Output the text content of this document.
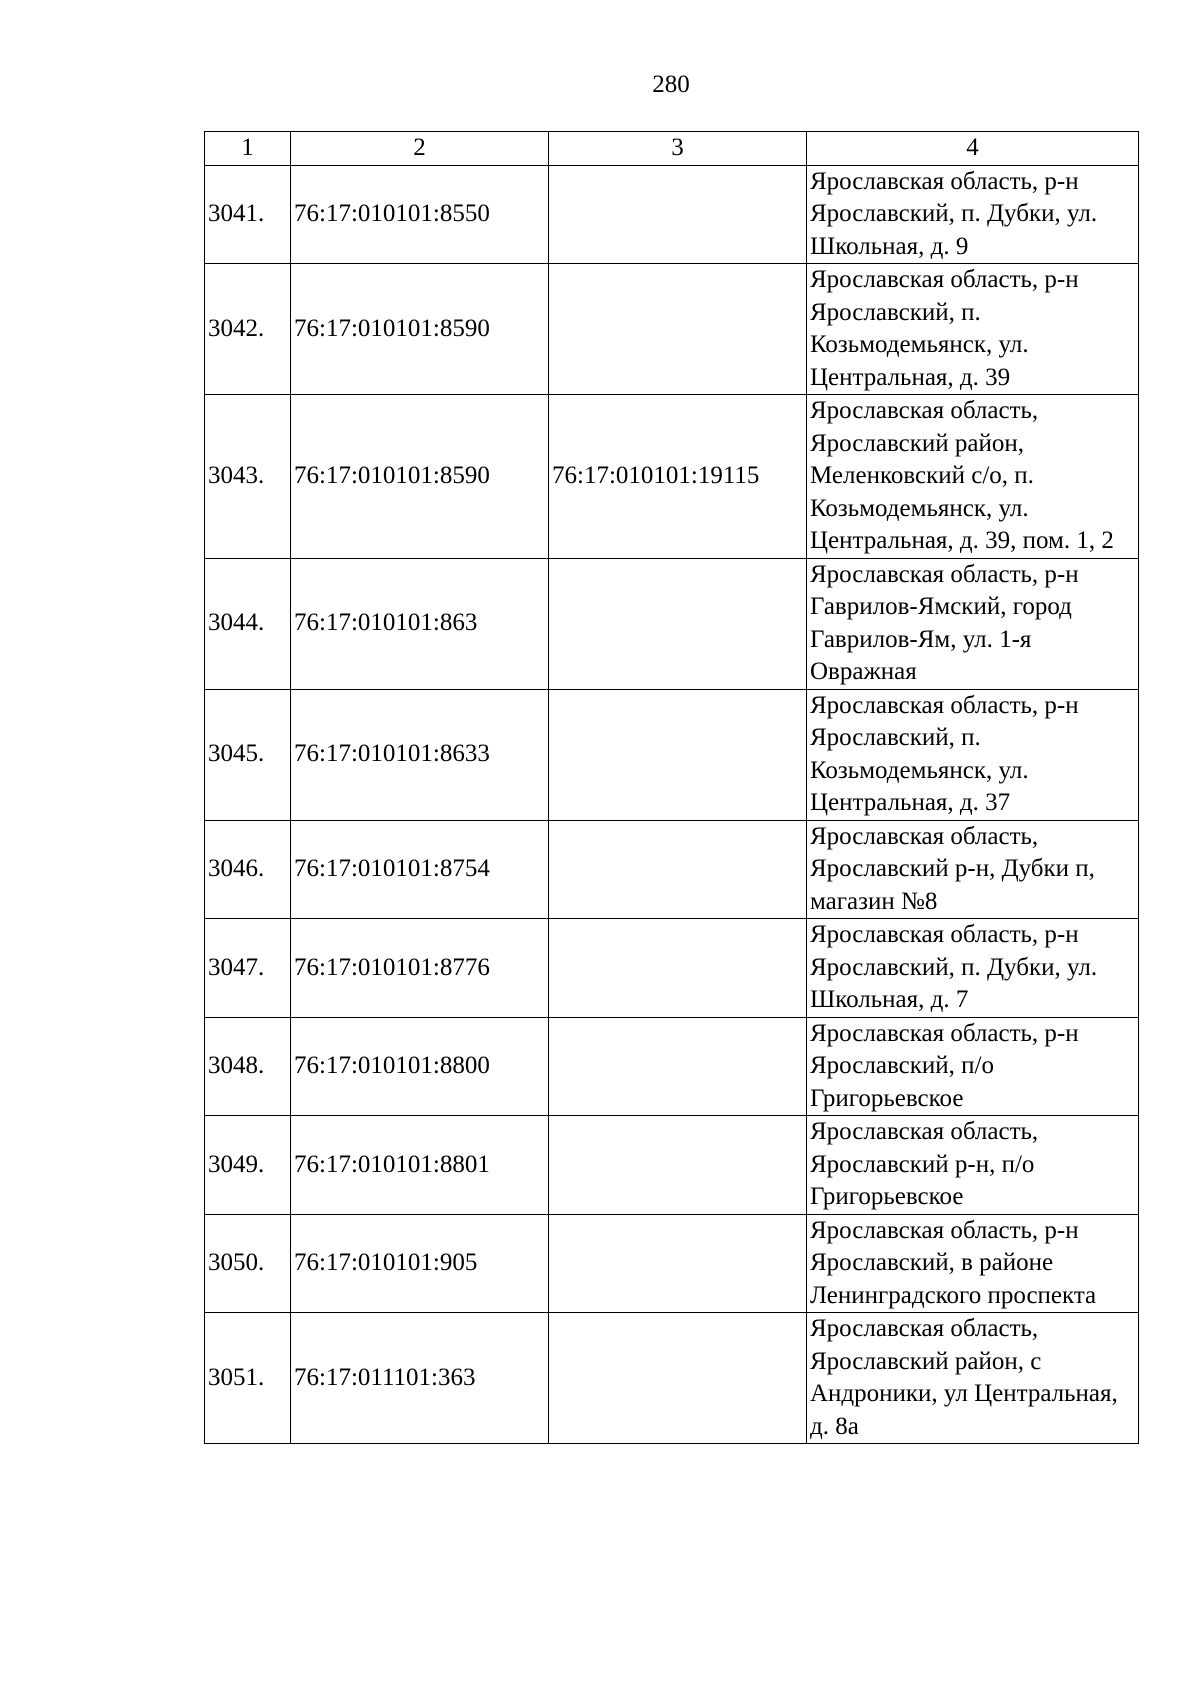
280
1	2	3	4
3041.	76:17:010101:8550		Ярославская область, р-н Ярославский, п. Дубки, ул. Школьная, д. 9
3042.	76:17:010101:8590		Ярославская область, р-н Ярославский, п. Козьмодемьянск, ул. Центральная, д. 39
3043.	76:17:010101:8590	76:17:010101:19115	Ярославская область, Ярославский район, Меленковский с/о, п. Козьмодемьянск, ул. Центральная, д. 39, пом. 1, 2
3044.	76:17:010101:863		Ярославская область, р-н Гаврилов-Ямский, город Гаврилов-Ям, ул. 1-я Овражная
3045.	76:17:010101:8633		Ярославская область, р-н Ярославский, п. Козьмодемьянск, ул. Центральная, д. 37
3046.	76:17:010101:8754		Ярославская область, Ярославский р-н, Дубки п, магазин №8
3047.	76:17:010101:8776		Ярославская область, р-н Ярославский, п. Дубки, ул. Школьная, д. 7
3048.	76:17:010101:8800		Ярославская область, р-н Ярославский, п/о Григорьевское
3049.	76:17:010101:8801		Ярославская область, Ярославский р-н, п/о Григорьевское
3050.	76:17:010101:905		Ярославская область, р-н Ярославский, в районе Ленинградского проспекта
3051.	76:17:011101:363		Ярославская область, Ярославский район, с Андроники, ул Центральная, д. 8а
